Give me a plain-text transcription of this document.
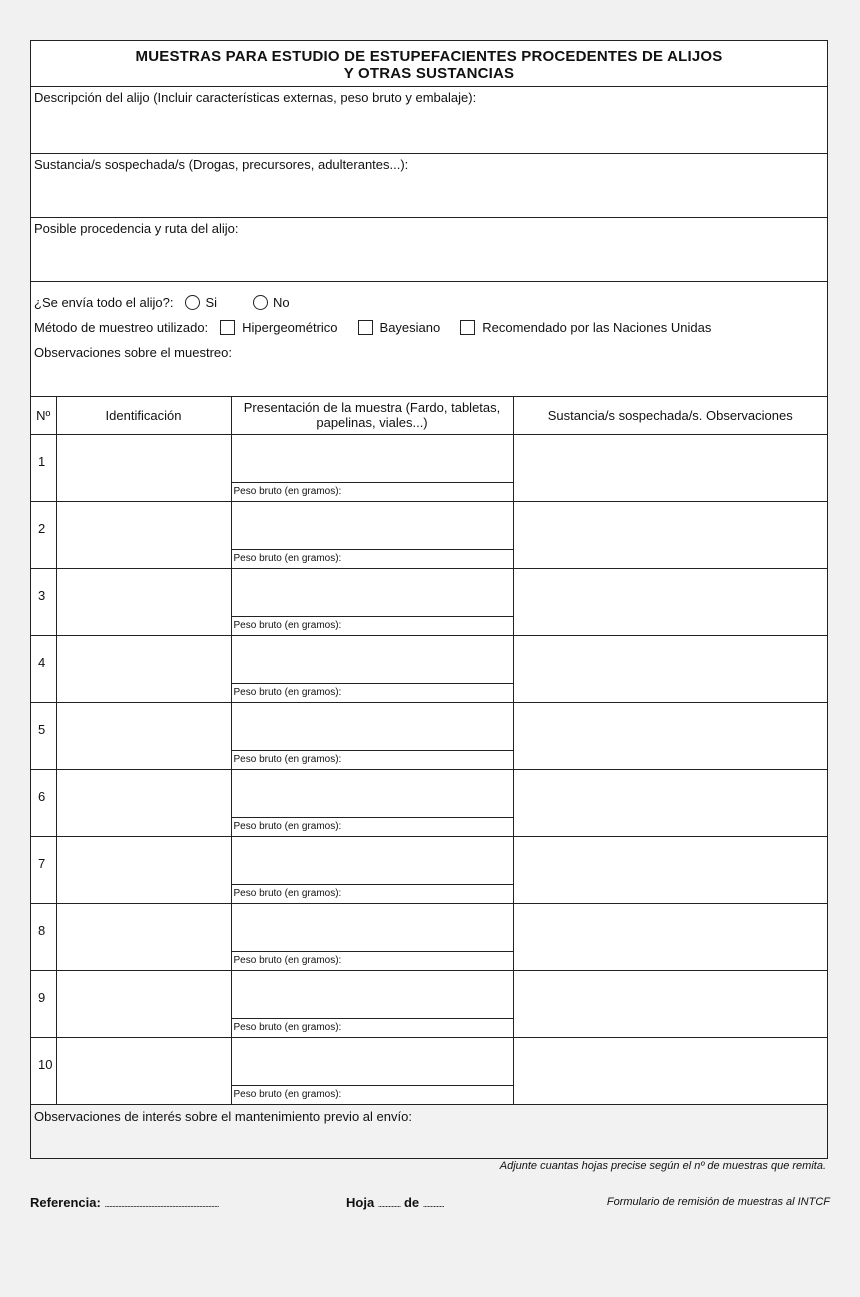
MUESTRAS PARA ESTUDIO DE ESTUPEFACIENTES PROCEDENTES DE ALIJOS
Y OTRAS SUSTANCIAS
Descripción del alijo (Incluir características externas, peso bruto y embalaje):
Sustancia/s sospechada/s (Drogas, precursores, adulterantes...):
Posible procedencia y ruta del alijo:
¿Se envía todo el alijo?: Si	No
Método de muestreo utilizado:	Hipergeométrico	Bayesiano	Recomendado por las Naciones Unidas
Observaciones sobre el muestreo:
Nº	Identificación	Presentación de la muestra (Fardo, tabletas, papelinas, viales...)	Sustancia/s sospechada/s. Observaciones
1		Peso bruto (en gramos):	

2		Peso bruto (en gramos):	

3		Peso bruto (en gramos):	

4		Peso bruto (en gramos):	

5		Peso bruto (en gramos):	

6		Peso bruto (en gramos):	

7		Peso bruto (en gramos):	

8		Peso bruto (en gramos):	

9		Peso bruto (en gramos):	

10		Peso bruto (en gramos):	

Observaciones de interés sobre el mantenimiento previo al envío:
Adjunte cuantas hojas precise según el nº de muestras que remita.
Referencia: ............................................................................	Hoja ............... de ..............	Formulario de remisión de muestras al INTCF
